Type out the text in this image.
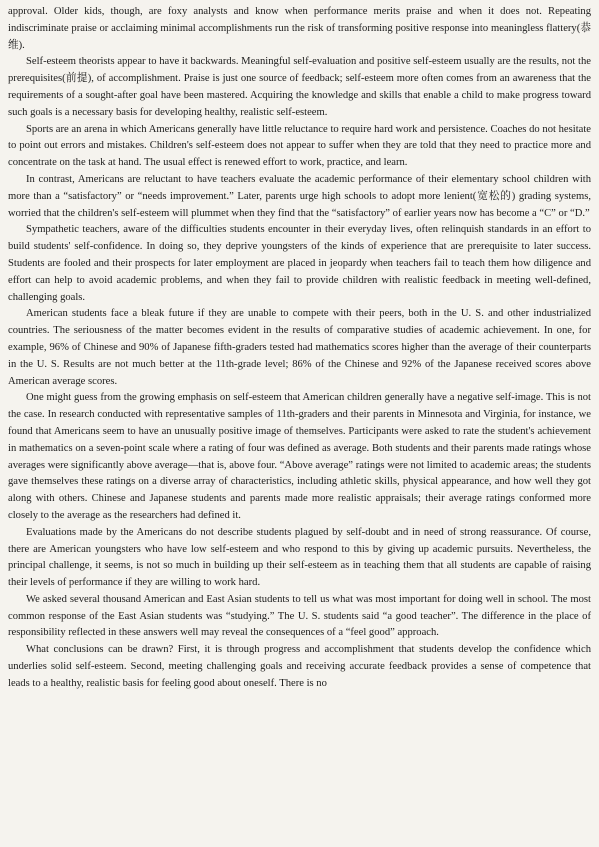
approval. Older kids, though, are foxy analysts and know when performance merits praise and when it does not. Repeating indiscriminate praise or acclaiming minimal accomplishments run the risk of transforming positive response into meaningless flattery(恭维).

Self-esteem theorists appear to have it backwards. Meaningful self-evaluation and positive self-esteem usually are the results, not the prerequisites(前提), of accomplishment. Praise is just one source of feedback; self-esteem more often comes from an awareness that the requirements of a sought-after goal have been mastered. Acquiring the knowledge and skills that enable a child to make progress toward such goals is a necessary basis for developing healthy, realistic self-esteem.

Sports are an arena in which Americans generally have little reluctance to require hard work and persistence. Coaches do not hesitate to point out errors and mistakes. Children's self-esteem does not appear to suffer when they are told that they need to practice more and concentrate on the task at hand. The usual effect is renewed effort to work, practice, and learn.

In contrast, Americans are reluctant to have teachers evaluate the academic performance of their elementary school children with more than a “satisfactory” or “needs improvement.” Later, parents urge high schools to adopt more lenient(宽松的) grading systems, worried that the children's self-esteem will plummet when they find that the “satisfactory” of earlier years now has become a “C” or “D.”

Sympathetic teachers, aware of the difficulties students encounter in their everyday lives, often relinquish standards in an effort to build students' self-confidence. In doing so, they deprive youngsters of the kinds of experience that are prerequisite to later success. Students are fooled and their prospects for later employment are placed in jeopardy when teachers fail to teach them how diligence and effort can help to avoid academic problems, and when they fail to provide children with realistic feedback in meeting well-defined, challenging goals.

American students face a bleak future if they are unable to compete with their peers, both in the U. S. and other industrialized countries. The seriousness of the matter becomes evident in the results of comparative studies of academic achievement. In one, for example, 96% of Chinese and 90% of Japanese fifth-graders tested had mathematics scores higher than the average of their counterparts in the U. S. Results are not much better at the 11th-grade level; 86% of the Chinese and 92% of the Japanese received scores above American average scores.

One might guess from the growing emphasis on self-esteem that American children generally have a negative self-image. This is not the case. In research conducted with representative samples of 11th-graders and their parents in Minnesota and Virginia, for instance, we found that Americans seem to have an unusually positive image of themselves. Participants were asked to rate the student's achievement in mathematics on a seven-point scale where a rating of four was defined as average. Both students and their parents made ratings whose averages were significantly above average—that is, above four. “Above average” ratings were not limited to academic areas; the students gave themselves these ratings on a diverse array of characteristics, including athletic skills, physical appearance, and how well they got along with others. Chinese and Japanese students and parents made more realistic appraisals; their average ratings conformed more closely to the average as the researchers had defined it.

Evaluations made by the Americans do not describe students plagued by self-doubt and in need of strong reassurance. Of course, there are American youngsters who have low self-esteem and who respond to this by giving up academic pursuits. Nevertheless, the principal challenge, it seems, is not so much in building up their self-esteem as in teaching them that all students are capable of raising their levels of performance if they are willing to work hard.

We asked several thousand American and East Asian students to tell us what was most important for doing well in school. The most common response of the East Asian students was “studying.” The U. S. students said “a good teacher”. The difference in the place of responsibility reflected in these answers well may reveal the consequences of a “feel good” approach.

What conclusions can be drawn? First, it is through progress and accomplishment that students develop the confidence which underlies solid self-esteem. Second, meeting challenging goals and receiving accurate feedback provides a sense of competence that leads to a healthy, realistic basis for feeling good about oneself. There is no
